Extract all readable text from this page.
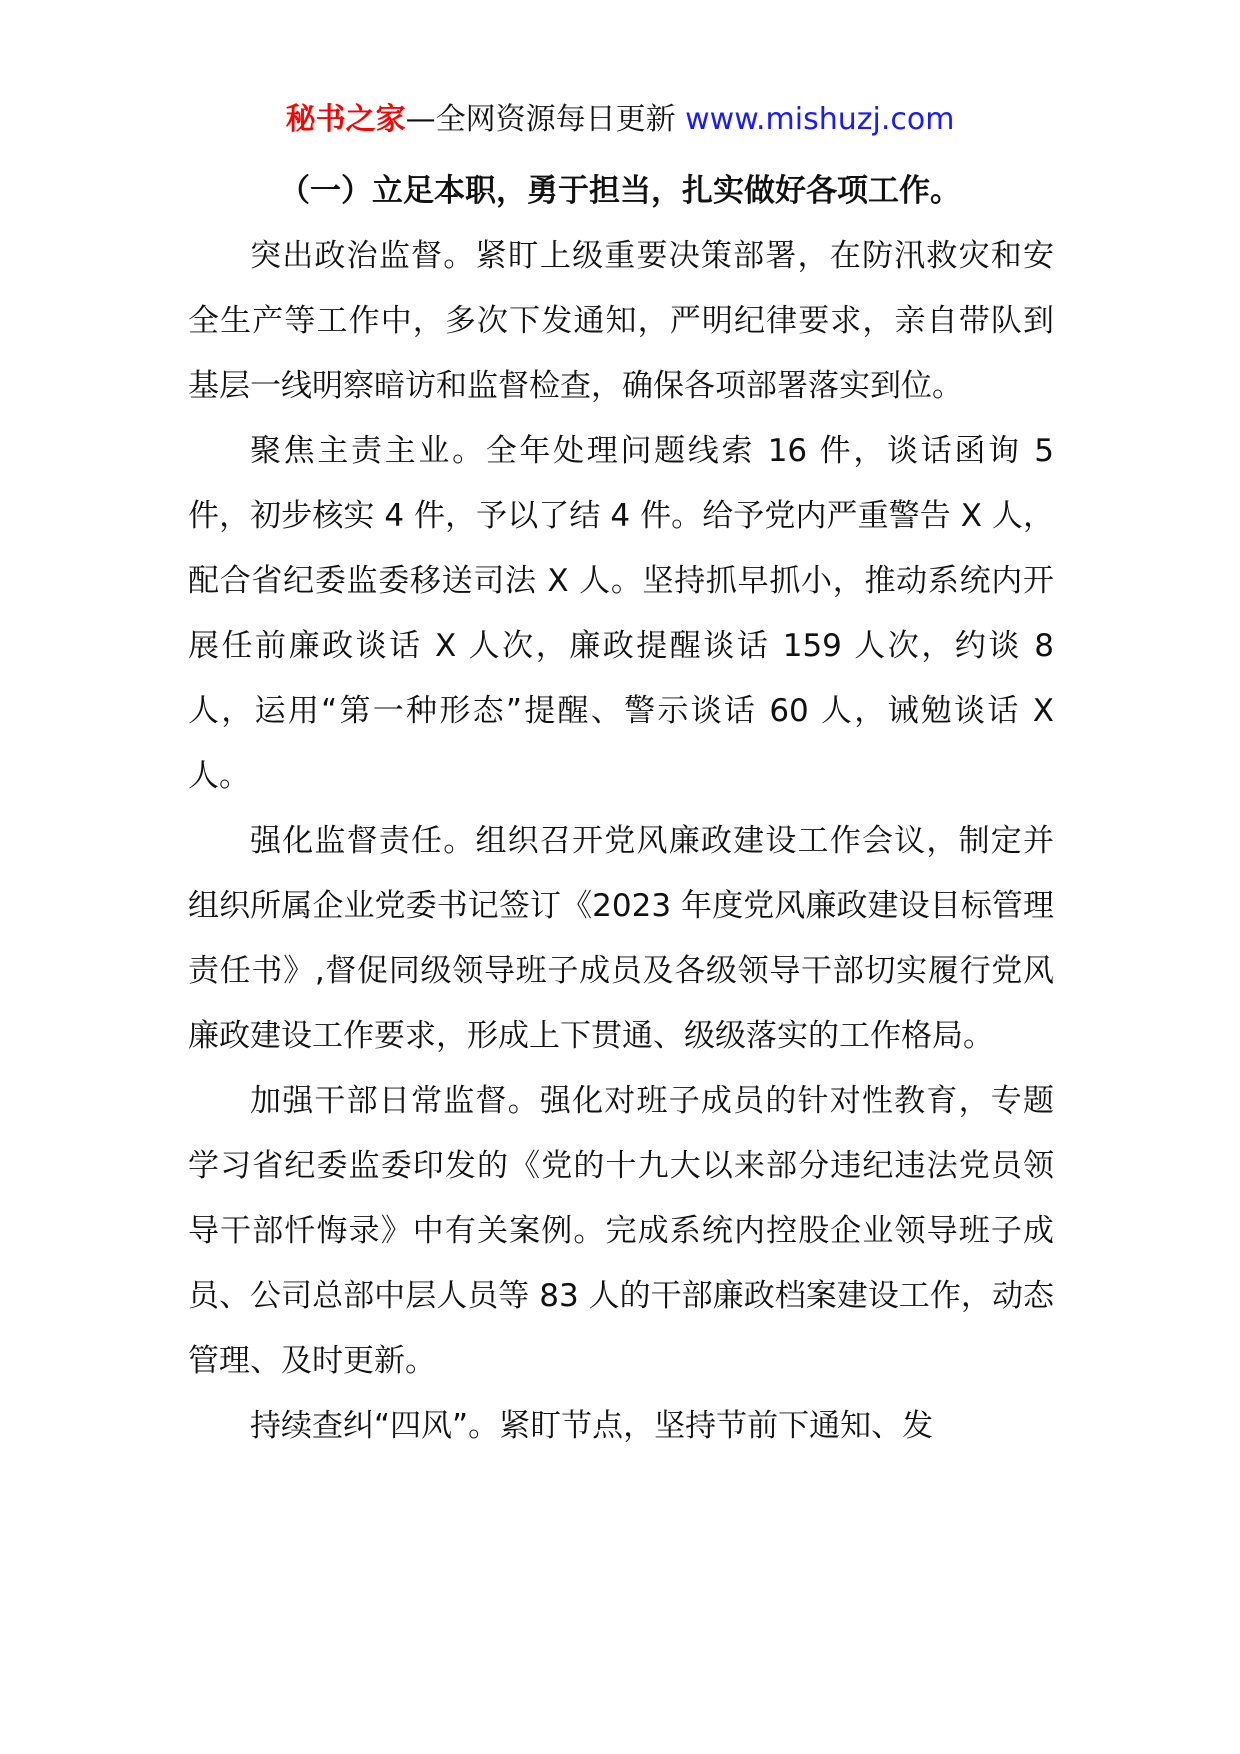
秘书之家—全网资源每日更新 www.mishuzj.com
（一）立足本职，勇于担当，扎实做好各项工作。

突出政治监督。紧盯上级重要决策部署，在防汛救灾和安全生产等工作中，多次下发通知，严明纪律要求，亲自带队到基层一线明察暗访和监督检查，确保各项部署落实到位。

聚焦主责主业。全年处理问题线索 16 件，谈话函询 5 件，初步核实 4 件，予以了结 4 件。给予党内严重警告 X 人，配合省纪委监委移送司法 X 人。坚持抓早抓小，推动系统内开展任前廉政谈话 X 人次，廉政提醒谈话 159 人次，约谈 8 人，运用“第一种形态”提醒、警示谈话 60 人，诫勉谈话 X 人。

强化监督责任。组织召开党风廉政建设工作会议，制定并组织所属企业党委书记签订《2023 年度党风廉政建设目标管理责任书》,督促同级领导班子成员及各级领导干部切实履行党风廉政建设工作要求，形成上下贯通、级级落实的工作格局。

加强干部日常监督。强化对班子成员的针对性教育，专题学习省纪委监委印发的《党的十九大以来部分违纪违法党员领导干部忏悔录》中有关案例。完成系统内控股企业领导班子成员、公司总部中层人员等 83 人的干部廉政档案建设工作，动态管理、及时更新。

持续查纠“四风”。紧盯节点，坚持节前下通知、发
